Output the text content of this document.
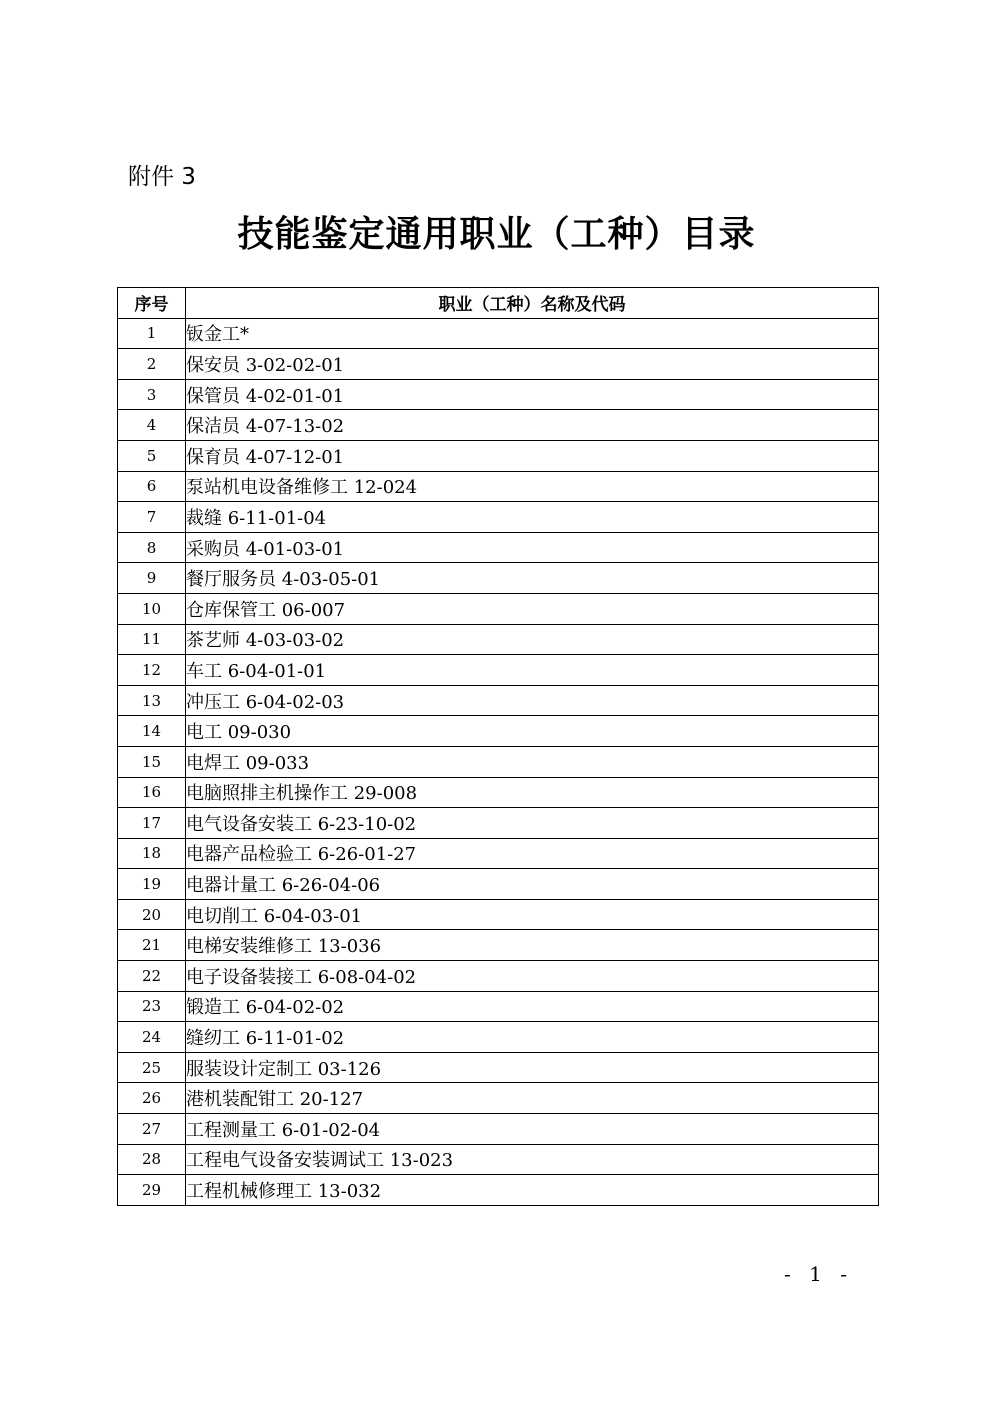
附件 3
技能鉴定通用职业（工种）目录
序号	职业（工种）名称及代码
1	钣金工*
2	保安员 3-02-02-01
3	保管员 4-02-01-01
4	保洁员 4-07-13-02
5	保育员 4-07-12-01
6	泵站机电设备维修工 12-024
7	裁缝 6-11-01-04
8	采购员 4-01-03-01
9	餐厅服务员 4-03-05-01
10	仓库保管工 06-007
11	茶艺师 4-03-03-02
12	车工 6-04-01-01
13	冲压工 6-04-02-03
14	电工 09-030
15	电焊工 09-033
16	电脑照排主机操作工 29-008
17	电气设备安装工 6-23-10-02
18	电器产品检验工 6-26-01-27
19	电器计量工 6-26-04-06
20	电切削工 6-04-03-01
21	电梯安装维修工 13-036
22	电子设备装接工 6-08-04-02
23	锻造工 6-04-02-02
24	缝纫工 6-11-01-02
25	服装设计定制工 03-126
26	港机装配钳工 20-127
27	工程测量工 6-01-02-04
28	工程电气设备安装调试工 13-023
29	工程机械修理工 13-032
- 1 -
